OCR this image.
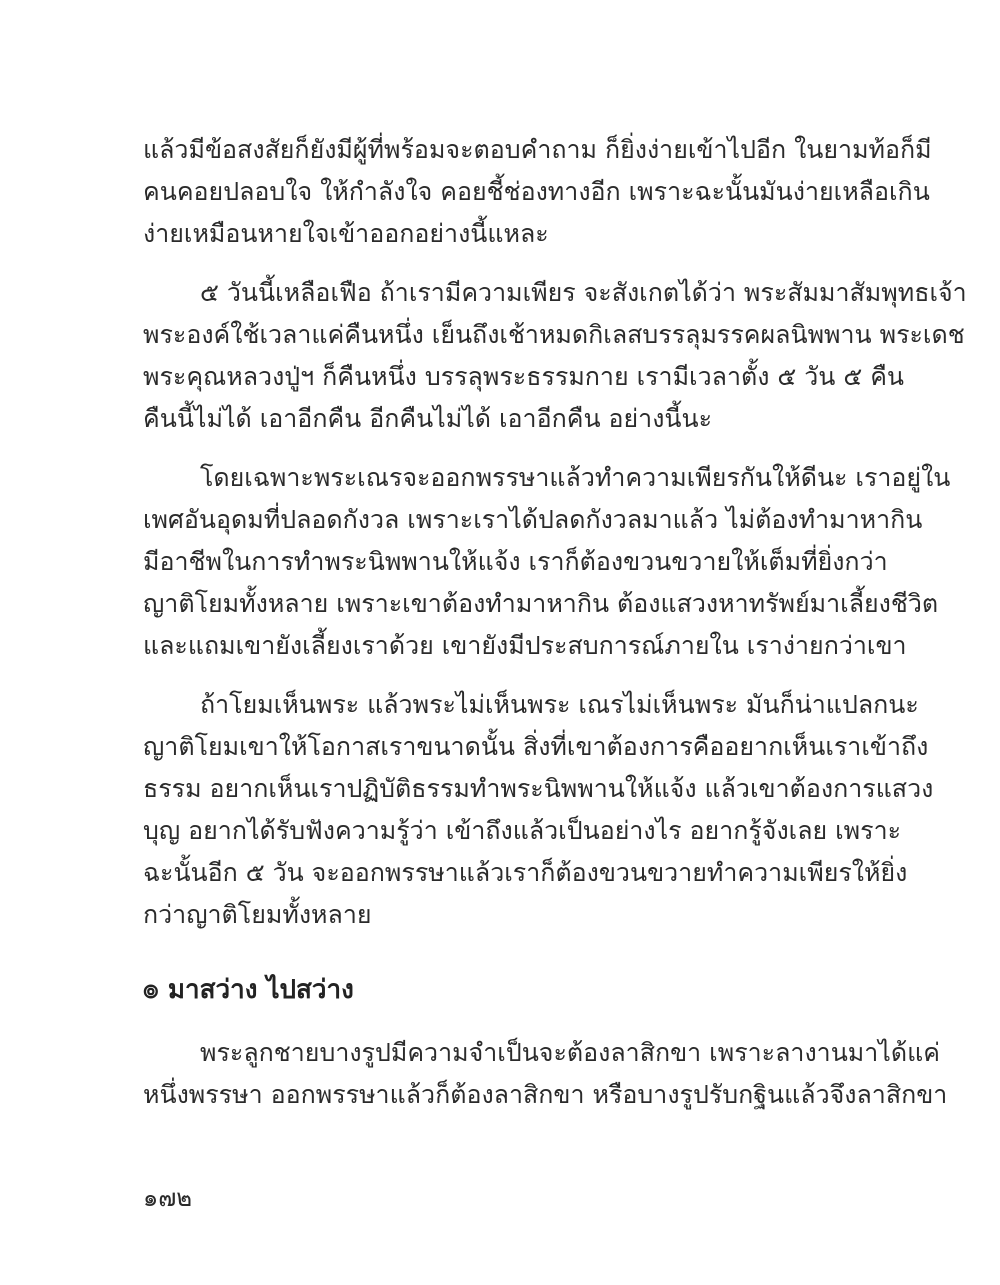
แล้วมีข้อสงสัยก็ยังมีผู้ที่พร้อมจะตอบคำถาม ก็ยิ่งง่ายเข้าไปอีก ในยามท้อก็มี
คนคอยปลอบใจ ให้กำลังใจ คอยชี้ช่องทางอีก เพราะฉะนั้นมันง่ายเหลือเกิน
ง่ายเหมือนหายใจเข้าออกอย่างนี้แหละ
๕ วันนี้เหลือเฟือ ถ้าเรามีความเพียร จะสังเกตได้ว่า พระสัมมาสัมพุทธเจ้า
พระองค์ใช้เวลาแค่คืนหนึ่ง เย็นถึงเช้าหมดกิเลสบรรลุมรรคผลนิพพาน พระเดช
พระคุณหลวงปู่ฯ ก็คืนหนึ่ง บรรลุพระธรรมกาย เรามีเวลาตั้ง ๕ วัน ๕ คืน
คืนนี้ไม่ได้ เอาอีกคืน อีกคืนไม่ได้ เอาอีกคืน อย่างนี้นะ
โดยเฉพาะพระเณรจะออกพรรษาแล้วทำความเพียรกันให้ดีนะ เราอยู่ใน
เพศอันอุดมที่ปลอดกังวล เพราะเราได้ปลดกังวลมาแล้ว ไม่ต้องทำมาหากิน
มีอาชีพในการทำพระนิพพานให้แจ้ง เราก็ต้องขวนขวายให้เต็มที่ยิ่งกว่า
ญาติโยมทั้งหลาย เพราะเขาต้องทำมาหากิน ต้องแสวงหาทรัพย์มาเลี้ยงชีวิต
และแถมเขายังเลี้ยงเราด้วย เขายังมีประสบการณ์ภายใน เราง่ายกว่าเขา
ถ้าโยมเห็นพระ แล้วพระไม่เห็นพระ เณรไม่เห็นพระ มันก็น่าแปลกนะ
ญาติโยมเขาให้โอกาสเราขนาดนั้น สิ่งที่เขาต้องการคืออยากเห็นเราเข้าถึง
ธรรม อยากเห็นเราปฏิบัติธรรมทำพระนิพพานให้แจ้ง แล้วเขาต้องการแสวง
บุญ อยากได้รับฟังความรู้ว่า เข้าถึงแล้วเป็นอย่างไร อยากรู้จังเลย เพราะ
ฉะนั้นอีก ๕ วัน จะออกพรรษาแล้วเราก็ต้องขวนขวายทำความเพียรให้ยิ่ง
กว่าญาติโยมทั้งหลาย
๏ มาสว่าง ไปสว่าง
พระลูกชายบางรูปมีความจำเป็นจะต้องลาสิกขา เพราะลางานมาได้แค่
หนึ่งพรรษา ออกพรรษาแล้วก็ต้องลาสิกขา หรือบางรูปรับกฐินแล้วจึงลาสิกขา
๑๗๒
